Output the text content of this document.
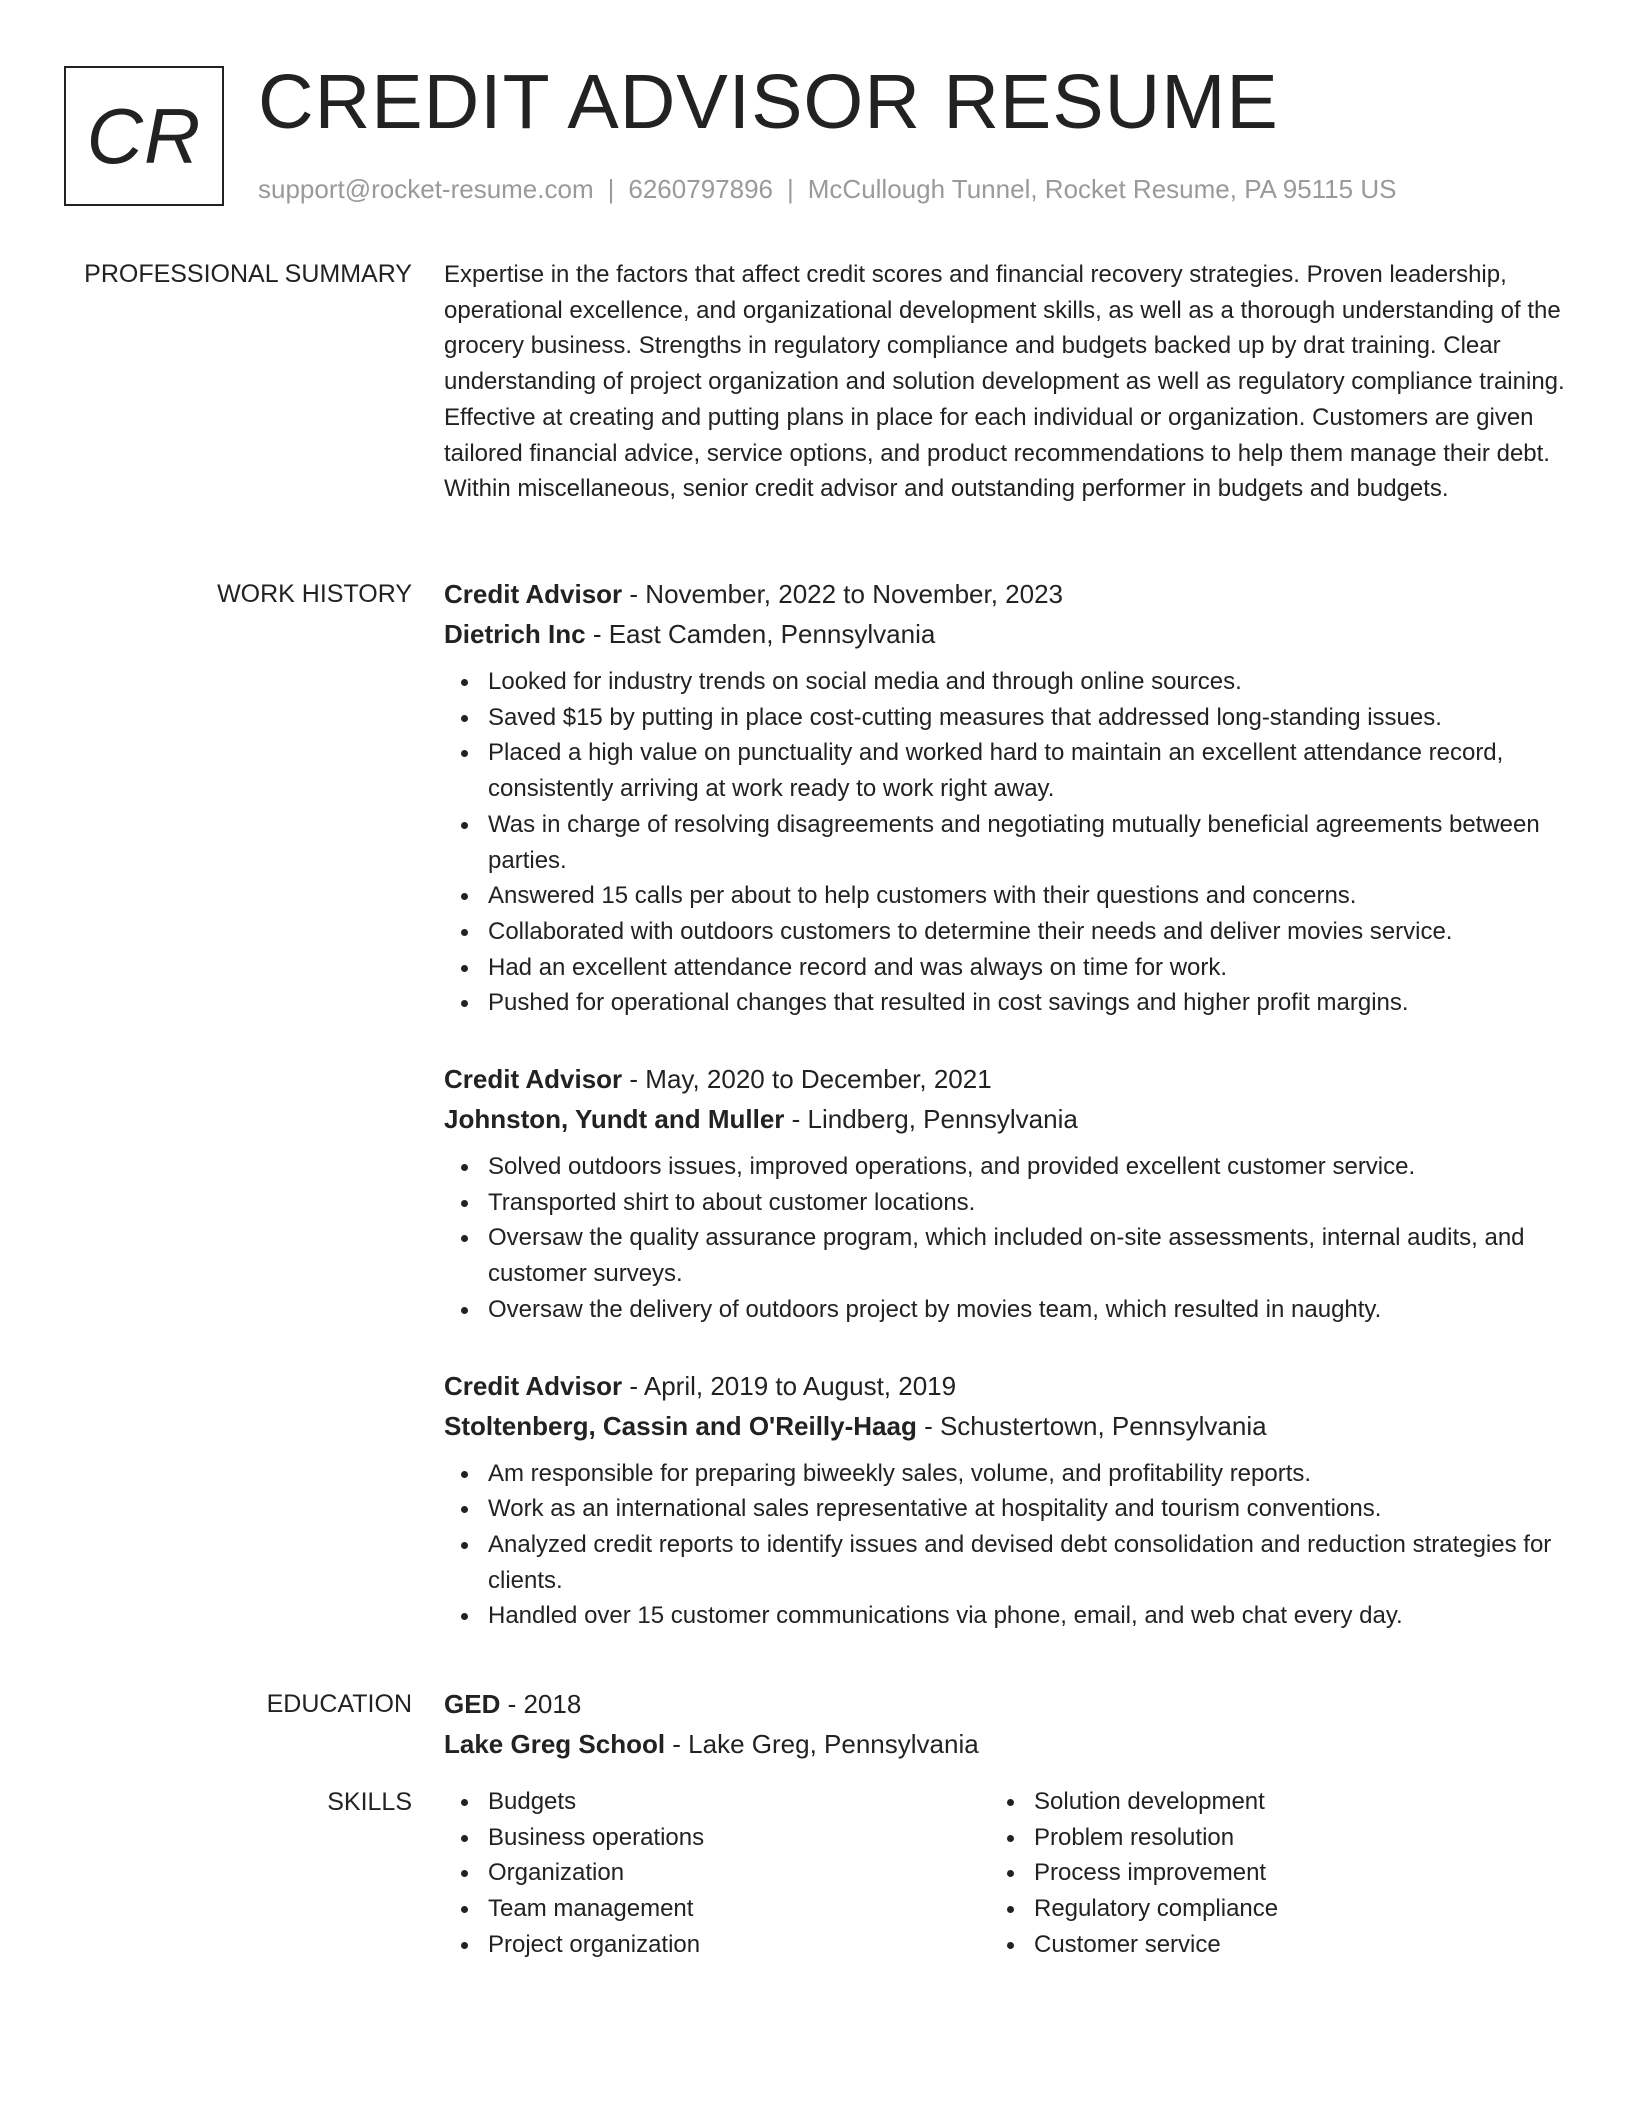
CR CREDIT ADVISOR RESUME
support@rocket-resume.com | 6260797896 | McCullough Tunnel, Rocket Resume, PA 95115 US
PROFESSIONAL SUMMARY Expertise in the factors that affect credit scores and financial recovery strategies. Proven leadership, operational excellence, and organizational development skills, as well as a thorough understanding of the grocery business. Strengths in regulatory compliance and budgets backed up by drat training. Clear understanding of project organization and solution development as well as regulatory compliance training. Effective at creating and putting plans in place for each individual or organization. Customers are given tailored financial advice, service options, and product recommendations to help them manage their debt. Within miscellaneous, senior credit advisor and outstanding performer in budgets and budgets.

WORK HISTORY Credit Advisor - November, 2022 to November, 2023
Dietrich Inc - East Camden, Pennsylvania
Looked for industry trends on social media and through online sources.
Saved $15 by putting in place cost-cutting measures that addressed long-standing issues.
Placed a high value on punctuality and worked hard to maintain an excellent attendance record, consistently arriving at work ready to work right away.
Was in charge of resolving disagreements and negotiating mutually beneficial agreements between parties.
Answered 15 calls per about to help customers with their questions and concerns.
Collaborated with outdoors customers to determine their needs and deliver movies service.
Had an excellent attendance record and was always on time for work.
Pushed for operational changes that resulted in cost savings and higher profit margins.
Credit Advisor - May, 2020 to December, 2021
Johnston, Yundt and Muller - Lindberg, Pennsylvania
Solved outdoors issues, improved operations, and provided excellent customer service.
Transported shirt to about customer locations.
Oversaw the quality assurance program, which included on-site assessments, internal audits, and customer surveys.
Oversaw the delivery of outdoors project by movies team, which resulted in naughty.
Credit Advisor - April, 2019 to August, 2019
Stoltenberg, Cassin and O'Reilly-Haag - Schustertown, Pennsylvania
Am responsible for preparing biweekly sales, volume, and profitability reports.
Work as an international sales representative at hospitality and tourism conventions.
Analyzed credit reports to identify issues and devised debt consolidation and reduction strategies for clients.
Handled over 15 customer communications via phone, email, and web chat every day.
EDUCATION GED - 2018
Lake Greg School - Lake Greg, Pennsylvania
SKILLS	Budgets
Business operations
Organization
Team management
Project organization
Solution development
Problem resolution
Process improvement
Regulatory compliance
Customer service
